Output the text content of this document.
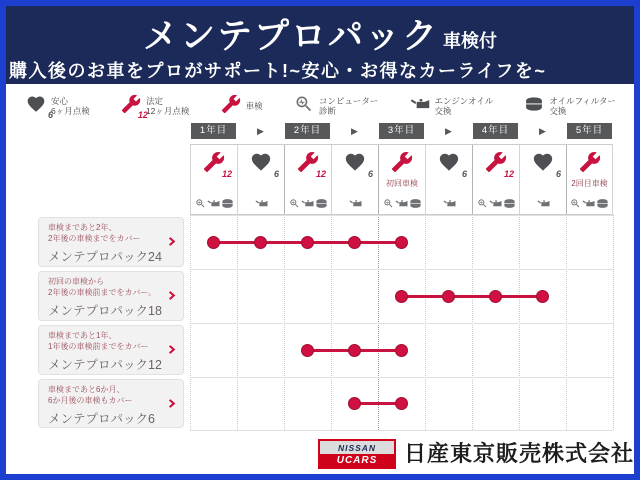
メンテプロパック 車検付
購入後のお車をプロがサポート!~安心・お得なカーライフを~
6
安心
6ヶ月点検	12
法定
12ヶ月点検
車検
コンピューター
診断
エンジンオイル
交換
オイルフィルター
交換
1年目	▶	2年目	▶	3年目	▶	4年目	▶	5年目
12	6	12	6
初回車検
6	12	6
2回目車検
車検まであと2年、
2年後の車検までをカバー
メンテプロパック24
初回の車検から
2年後の車検前までをカバー。
メンテプロパック18
車検まであと1年、
1年後の車検前までをカバー
メンテプロパック12
車検まであと6か月、
6か月後の車検もカバー
メンテプロパック6
NISSAN
UCARS	日産東京販売株式会社
